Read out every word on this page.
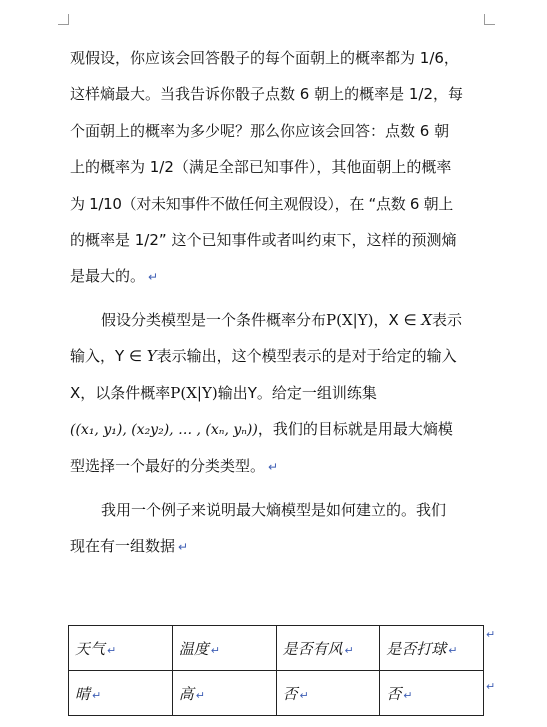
观假设，你应该会回答骰子的每个面朝上的概率都为 1/6，
这样熵最大。当我告诉你骰子点数 6 朝上的概率是 1/2，每
个面朝上的概率为多少呢？那么你应该会回答：点数 6 朝
上的概率为 1/2（满足全部已知事件），其他面朝上的概率
为 1/10（对未知事件不做任何主观假设），在 “点数 6 朝上
的概率是 1/2” 这个已知事件或者叫约束下，这样的预测熵
是最大的。 ↵
假设分类模型是一个条件概率分布P(X|Y)，X ∈ X表示
输入，Y ∈ Y表示输出，这个模型表示的是对于给定的输入
X，以条件概率P(X|Y)输出Y。给定一组训练集
((x₁, y₁), (x₂y₂), … , (xₙ, yₙ))，我们的目标就是用最大熵模
型选择一个最好的分类类型。 ↵
我用一个例子来说明最大熵模型是如何建立的。我们
现在有一组数据 ↵
天气 ↵	温度 ↵	是否有风 ↵	是否打球 ↵
晴 ↵	高 ↵	否 ↵	否 ↵
↵
↵
